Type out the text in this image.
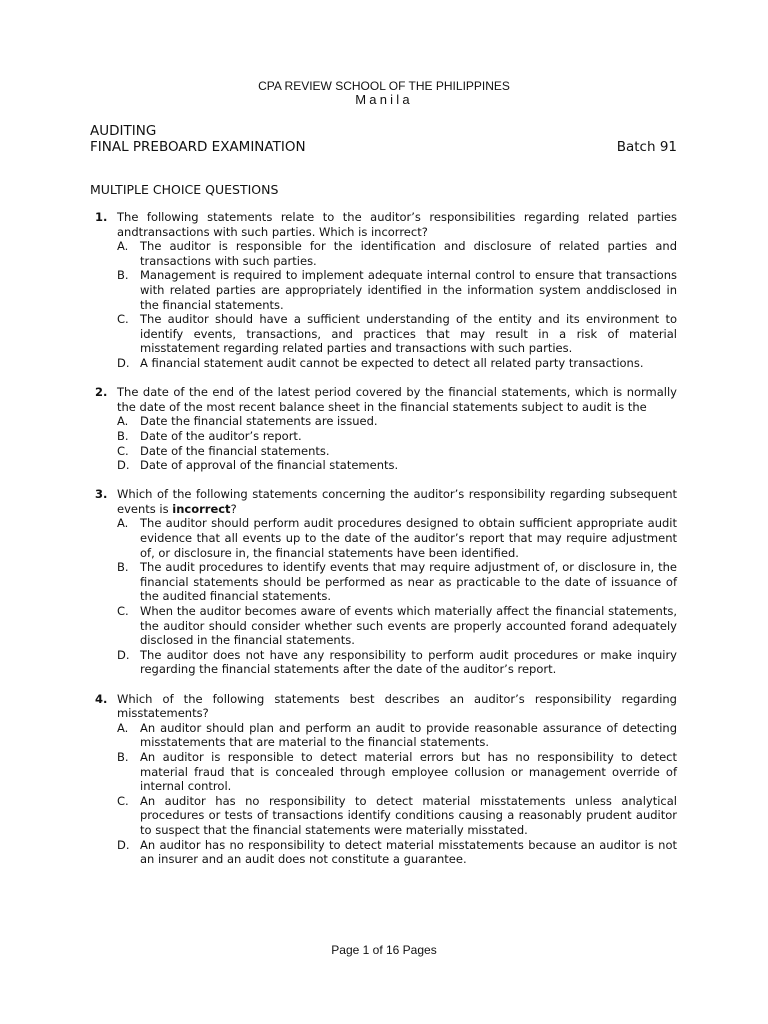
CPA REVIEW SCHOOL OF THE PHILIPPINES
Manila
AUDITING
FINAL PREBOARD EXAMINATION	Batch 91
MULTIPLE CHOICE QUESTIONS
1. The following statements relate to the auditor’s responsibilities regarding related parties andtransactions with such parties. Which is incorrect?
A. The auditor is responsible for the identification and disclosure of related parties and transactions with such parties.
B. Management is required to implement adequate internal control to ensure that transactions with related parties are appropriately identified in the information system anddisclosed in the financial statements.
C. The auditor should have a sufficient understanding of the entity and its environment to identify events, transactions, and practices that may result in a risk of material misstatement regarding related parties and transactions with such parties.
D. A financial statement audit cannot be expected to detect all related party transactions.
2. The date of the end of the latest period covered by the financial statements, which is normally the date of the most recent balance sheet in the financial statements subject to audit is the
A. Date the financial statements are issued.
B. Date of the auditor’s report.
C. Date of the financial statements.
D. Date of approval of the financial statements.
3. Which of the following statements concerning the auditor’s responsibility regarding subsequent events is incorrect?
A. The auditor should perform audit procedures designed to obtain sufficient appropriate audit evidence that all events up to the date of the auditor’s report that may require adjustment of, or disclosure in, the financial statements have been identified.
B. The audit procedures to identify events that may require adjustment of, or disclosure in, the financial statements should be performed as near as practicable to the date of issuance of the audited financial statements.
C. When the auditor becomes aware of events which materially affect the financial statements, the auditor should consider whether such events are properly accounted forand adequately disclosed in the financial statements.
D. The auditor does not have any responsibility to perform audit procedures or make inquiry regarding the financial statements after the date of the auditor’s report.
4. Which of the following statements best describes an auditor’s responsibility regarding misstatements?
A. An auditor should plan and perform an audit to provide reasonable assurance of detecting misstatements that are material to the financial statements.
B. An auditor is responsible to detect material errors but has no responsibility to detect material fraud that is concealed through employee collusion or management override of internal control.
C. An auditor has no responsibility to detect material misstatements unless analytical procedures or tests of transactions identify conditions causing a reasonably prudent auditor to suspect that the financial statements were materially misstated.
D. An auditor has no responsibility to detect material misstatements because an auditor is not an insurer and an audit does not constitute a guarantee.
Page 1 of 16 Pages
